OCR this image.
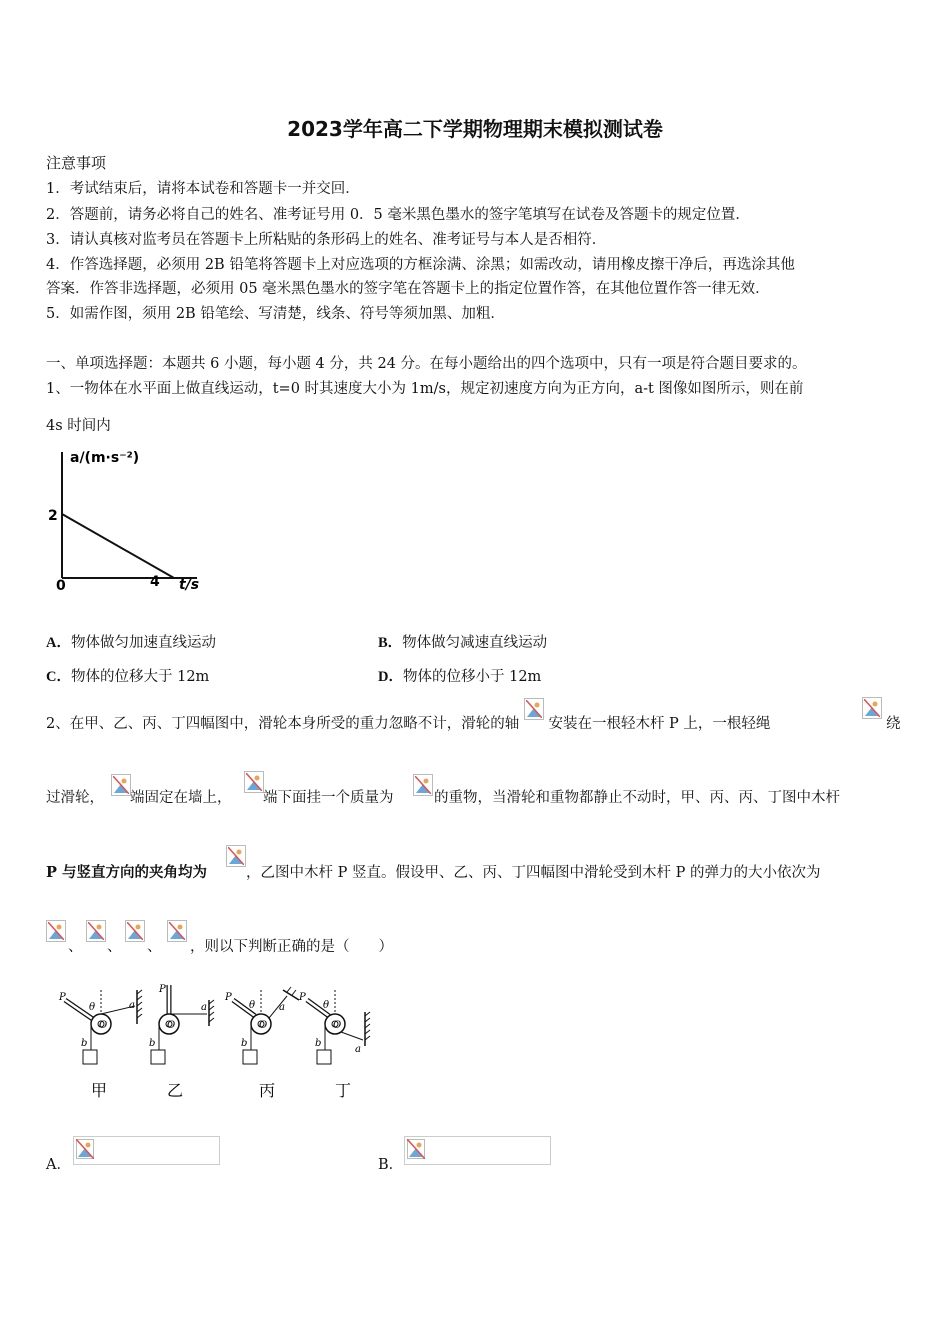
2023学年高二下学期物理期末模拟测试卷
注意事项
1．考试结束后，请将本试卷和答题卡一并交回．
2．答题前，请务必将自己的姓名、准考证号用 0．5 毫米黑色墨水的签字笔填写在试卷及答题卡的规定位置．
3．请认真核对监考员在答题卡上所粘贴的条形码上的姓名、准考证号与本人是否相符．
4．作答选择题，必须用 2B 铅笔将答题卡上对应选项的方框涂满、涂黑；如需改动，请用橡皮擦干净后，再选涂其他
答案．作答非选择题，必须用 05 毫米黑色墨水的签字笔在答题卡上的指定位置作答，在其他位置作答一律无效．
5．如需作图，须用 2B 铅笔绘、写清楚，线条、符号等须加黑、加粗．
一、单项选择题：本题共 6 小题，每小题 4 分，共 24 分。在每小题给出的四个选项中，只有一项是符合题目要求的。
1、一物体在水平面上做直线运动，t=0 时其速度大小为 1m/s，规定初速度方向为正方向，a-t 图像如图所示，则在前
4s 时间内
a/(m·s⁻²)
t/s
0
2
4
A．物体做匀加速直线运动	B．物体做匀减速直线运动
C．物体的位移大于 12m	D．物体的位移小于 12m
2、在甲、乙、丙、丁四幅图中，滑轮本身所受的重力忽略不计，滑轮的轴 安装在一根轻木杆 P 上，一根轻绳	绕
过滑轮， 端固定在墙上， 端下面挂一个质量为	的重物，当滑轮和重物都静止不动时，甲、丙、丙、丁图中木杆
P 与竖直方向的夹角均为	，乙图中木杆 P 竖直。假设甲、乙、丙、丁四幅图中滑轮受到木杆 P 的弹力的大小依次为
、 、 、 ，则以下判断正确的是（　　）
P
θ	a
b
O
P
a
b
O
P
θ a
b
O
P
θ
a
b
O
甲	乙	丙	丁
A．	B．
